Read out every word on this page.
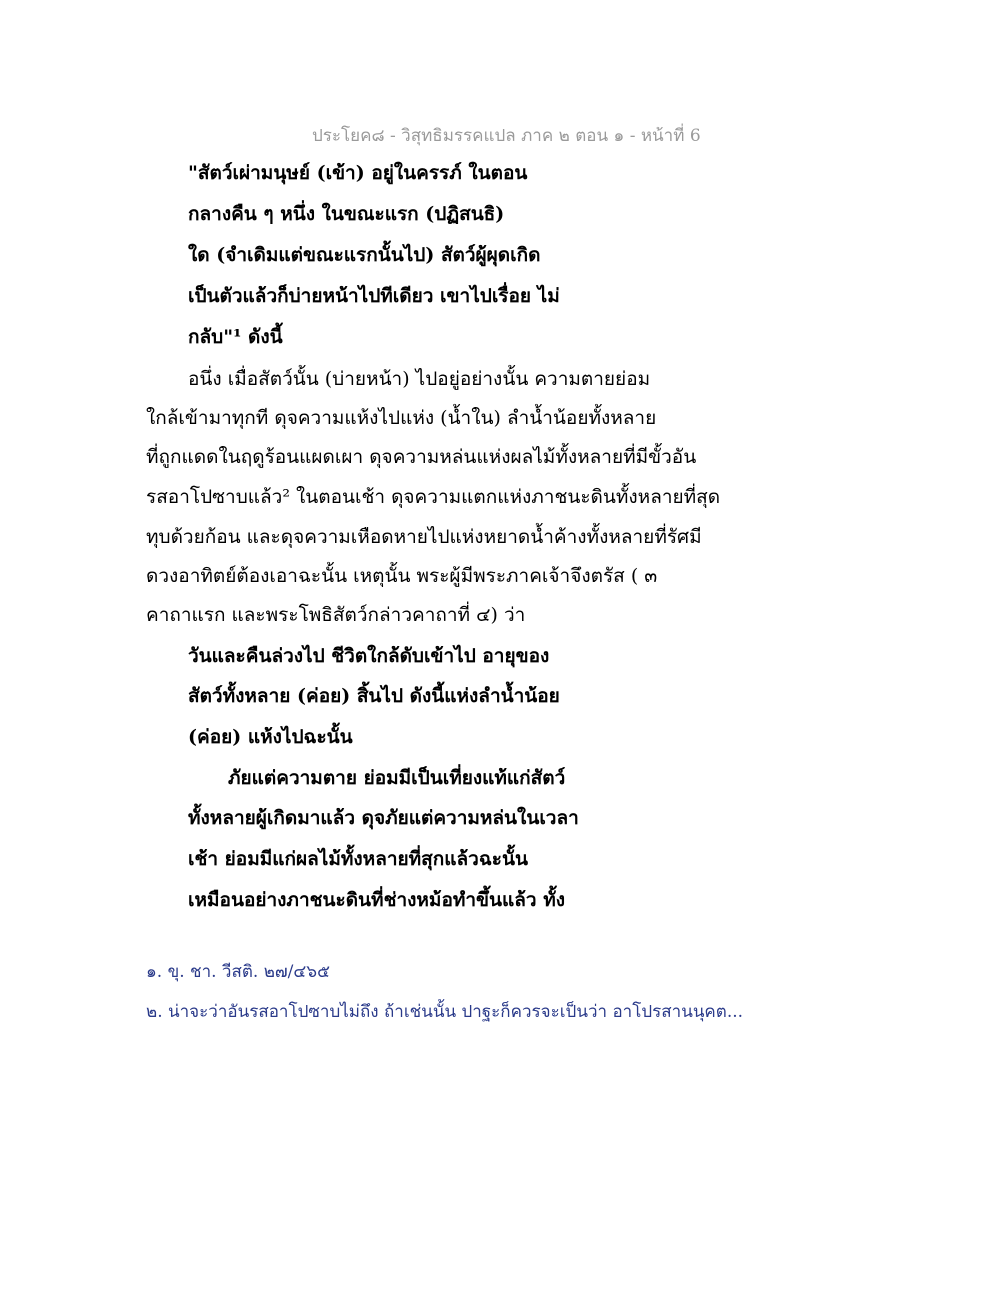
ประโยค๘ - วิสุทธิมรรคแปล ภาค ๒ ตอน ๑ - หน้าที่ 6
"สัตว์เผ่ามนุษย์ (เข้า) อยู่ในครรภ์ ในตอน
กลางคืน ๆ หนึ่ง ในขณะแรก (ปฏิสนธิ)
ใด (จำเดิมแต่ขณะแรกนั้นไป) สัตว์ผู้ผุดเกิด
เป็นตัวแล้วก็บ่ายหน้าไปทีเดียว เขาไปเรื่อย ไม่
กลับ"¹ ดังนี้
อนึ่ง เมื่อสัตว์นั้น (บ่ายหน้า) ไปอยู่อย่างนั้น ความตายย่อม
ใกล้เข้ามาทุกที ดุจความแห้งไปแห่ง (น้ำใน) ลำน้ำน้อยทั้งหลาย
ที่ถูกแดดในฤดูร้อนแผดเผา ดุจความหล่นแห่งผลไม้ทั้งหลายที่มีขั้วอัน
รสอาโปซาบแล้ว² ในตอนเช้า ดุจความแตกแห่งภาชนะดินทั้งหลายที่สุด
ทุบด้วยก้อน และดุจความเหือดหายไปแห่งหยาดน้ำค้างทั้งหลายที่รัศมี
ดวงอาทิตย์ต้องเอาฉะนั้น เหตุนั้น พระผู้มีพระภาคเจ้าจึงตรัส ( ๓
คาถาแรก และพระโพธิสัตว์กล่าวคาถาที่ ๔) ว่า
วันและคืนล่วงไป ชีวิตใกล้ดับเข้าไป อายุของ
สัตว์ทั้งหลาย (ค่อย) สิ้นไป ดังนี้แห่งลำน้ำน้อย
(ค่อย) แห้งไปฉะนั้น
ภัยแต่ความตาย ย่อมมีเป็นเที่ยงแท้แก่สัตว์
ทั้งหลายผู้เกิดมาแล้ว ดุจภัยแต่ความหล่นในเวลา
เช้า ย่อมมีแก่ผลไม้ทั้งหลายที่สุกแล้วฉะนั้น
เหมือนอย่างภาชนะดินที่ช่างหม้อทำขึ้นแล้ว ทั้ง
๑. ขุ. ชา. วีสติ. ๒๗/๔๖๕
๒. น่าจะว่าอันรสอาโปซาบไม่ถึง ถ้าเช่นนั้น ปาฐะก็ควรจะเป็นว่า อาโปรสานนุคต...
